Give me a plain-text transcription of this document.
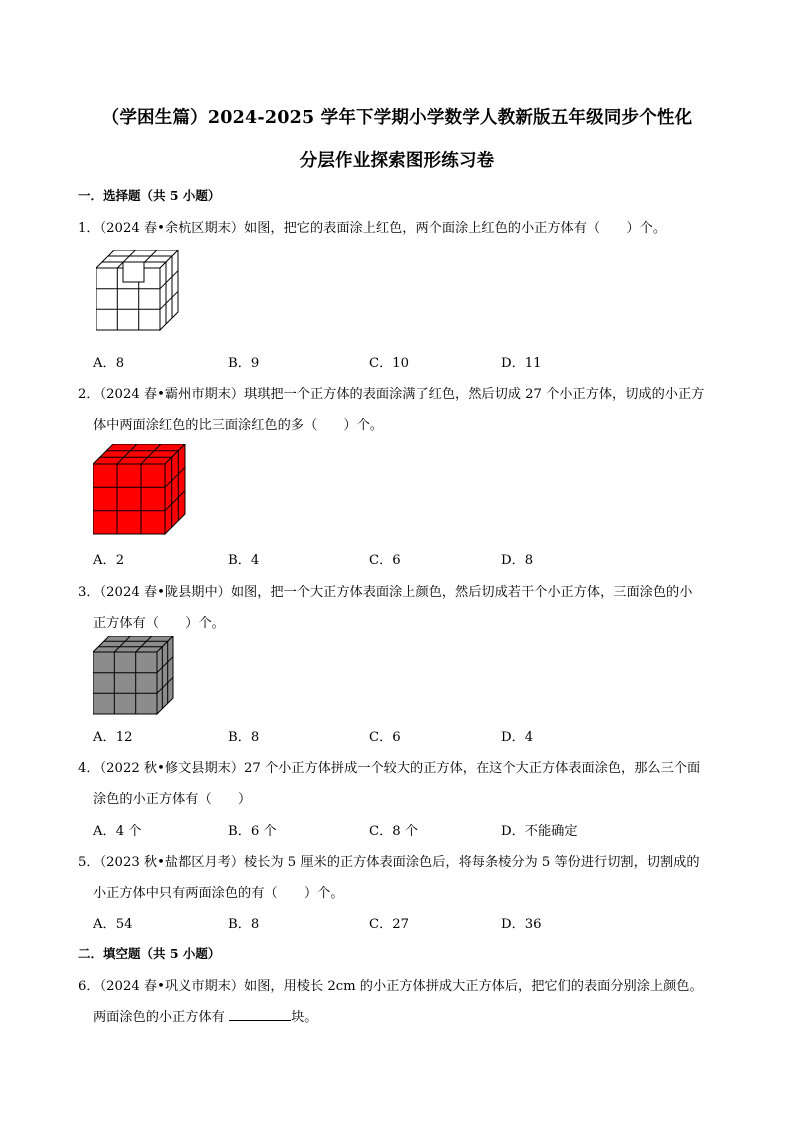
（学困生篇）2024-2025 学年下学期小学数学人教新版五年级同步个性化
分层作业探索图形练习卷
一．选择题（共 5 小题）
1．（2024 春•余杭区期末）如图，把它的表面涂上红色，两个面涂上红色的小正方体有（　　）个。
A．8	B．9	C．10	D．11
2．（2024 春•霸州市期末）琪琪把一个正方体的表面涂满了红色，然后切成 27 个小正方体，切成的小正方
体中两面涂红色的比三面涂红色的多（　　）个。
A．2	B．4	C．6	D．8
3．（2024 春•陇县期中）如图，把一个大正方体表面涂上颜色，然后切成若干个小正方体，三面涂色的小
正方体有（　　）个。
A．12	B．8	C．6	D．4
4．（2022 秋•修文县期末）27 个小正方体拼成一个较大的正方体，在这个大正方体表面涂色，那么三个面
涂色的小正方体有（　　）
A．4 个	B．6 个	C．8 个	D．不能确定
5．（2023 秋•盐都区月考）棱长为 5 厘米的正方体表面涂色后，将每条棱分为 5 等份进行切割，切割成的
小正方体中只有两面涂色的有（　　）个。
A．54	B．8	C．27	D．36
二．填空题（共 5 小题）
6．（2024 春•巩义市期末）如图，用棱长 2cm 的小正方体拼成大正方体后，把它们的表面分别涂上颜色。
两面涂色的小正方体有	块。
